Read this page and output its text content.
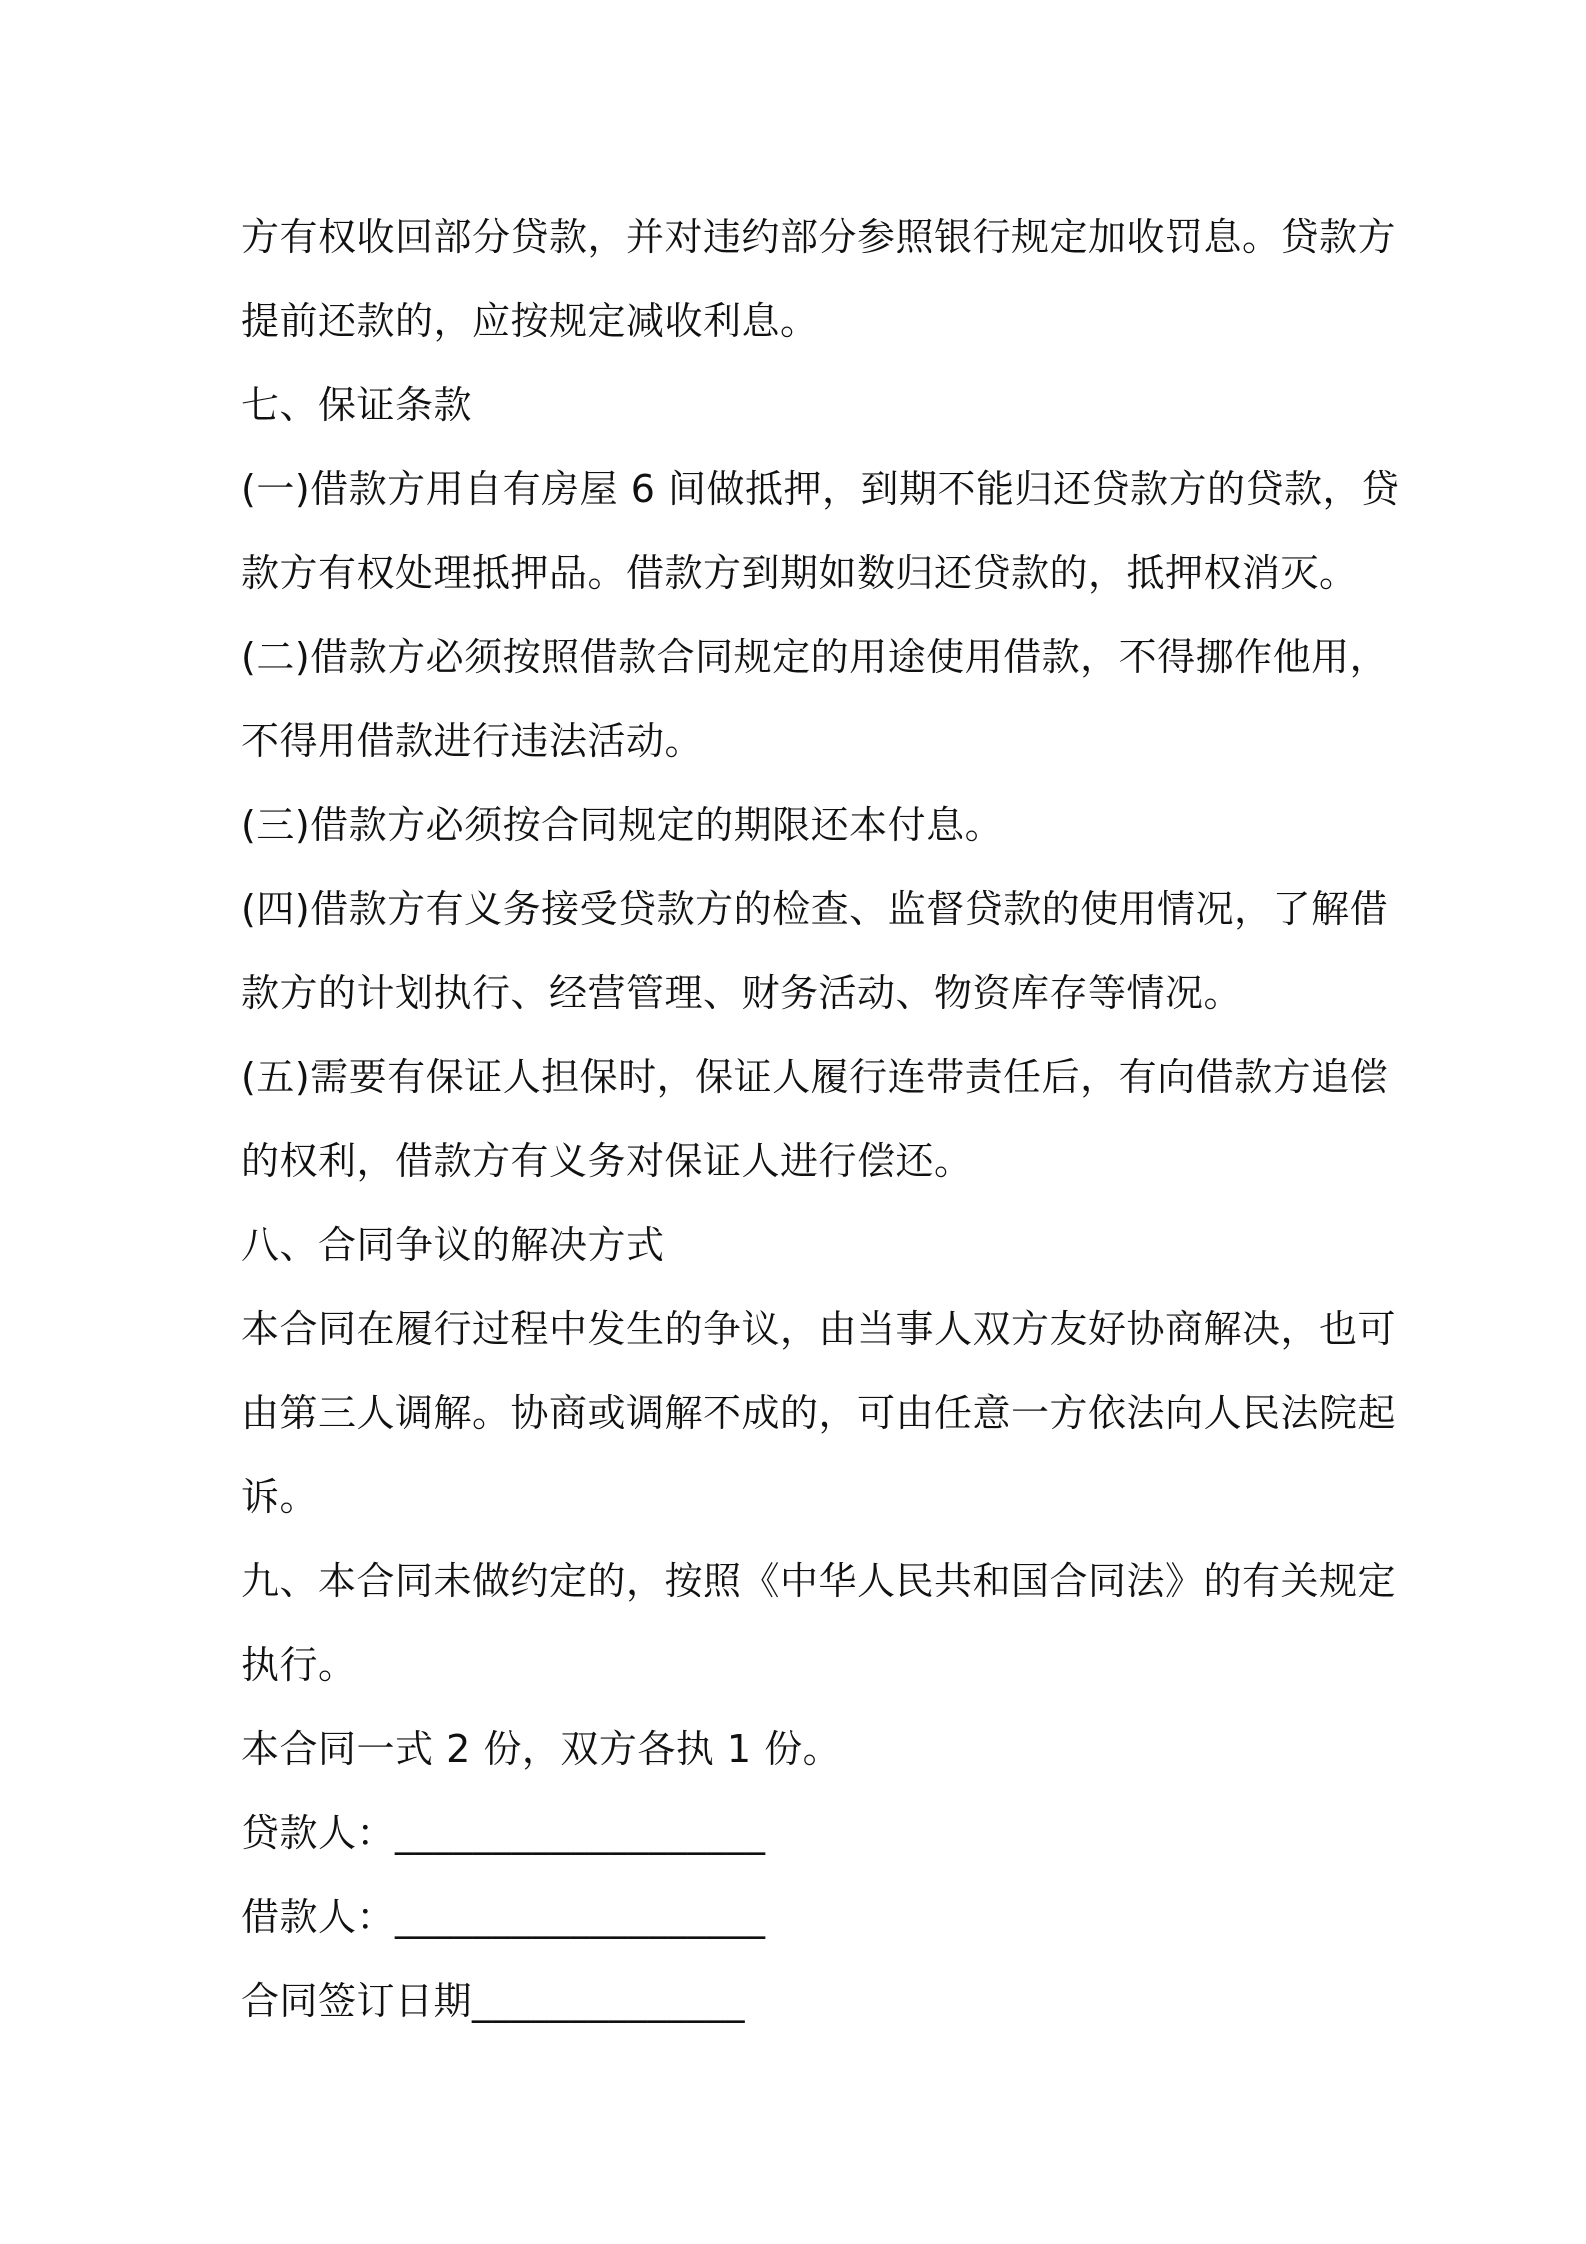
方有权收回部分贷款，并对违约部分参照银行规定加收罚息。贷款方
提前还款的，应按规定减收利息。
七、保证条款
(一)借款方用自有房屋 6 间做抵押，到期不能归还贷款方的贷款，贷
款方有权处理抵押品。借款方到期如数归还贷款的，抵押权消灭。
(二)借款方必须按照借款合同规定的用途使用借款，不得挪作他用，
不得用借款进行违法活动。
(三)借款方必须按合同规定的期限还本付息。
(四)借款方有义务接受贷款方的检查、监督贷款的使用情况，了解借
款方的计划执行、经营管理、财务活动、物资库存等情况。
(五)需要有保证人担保时，保证人履行连带责任后，有向借款方追偿
的权利，借款方有义务对保证人进行偿还。
八、合同争议的解决方式
本合同在履行过程中发生的争议，由当事人双方友好协商解决，也可
由第三人调解。协商或调解不成的，可由任意一方依法向人民法院起
诉。
九、本合同未做约定的，按照《中华人民共和国合同法》的有关规定
执行。
本合同一式 2 份，双方各执 1 份。
贷款人：___________________
借款人：___________________
合同签订日期______________
